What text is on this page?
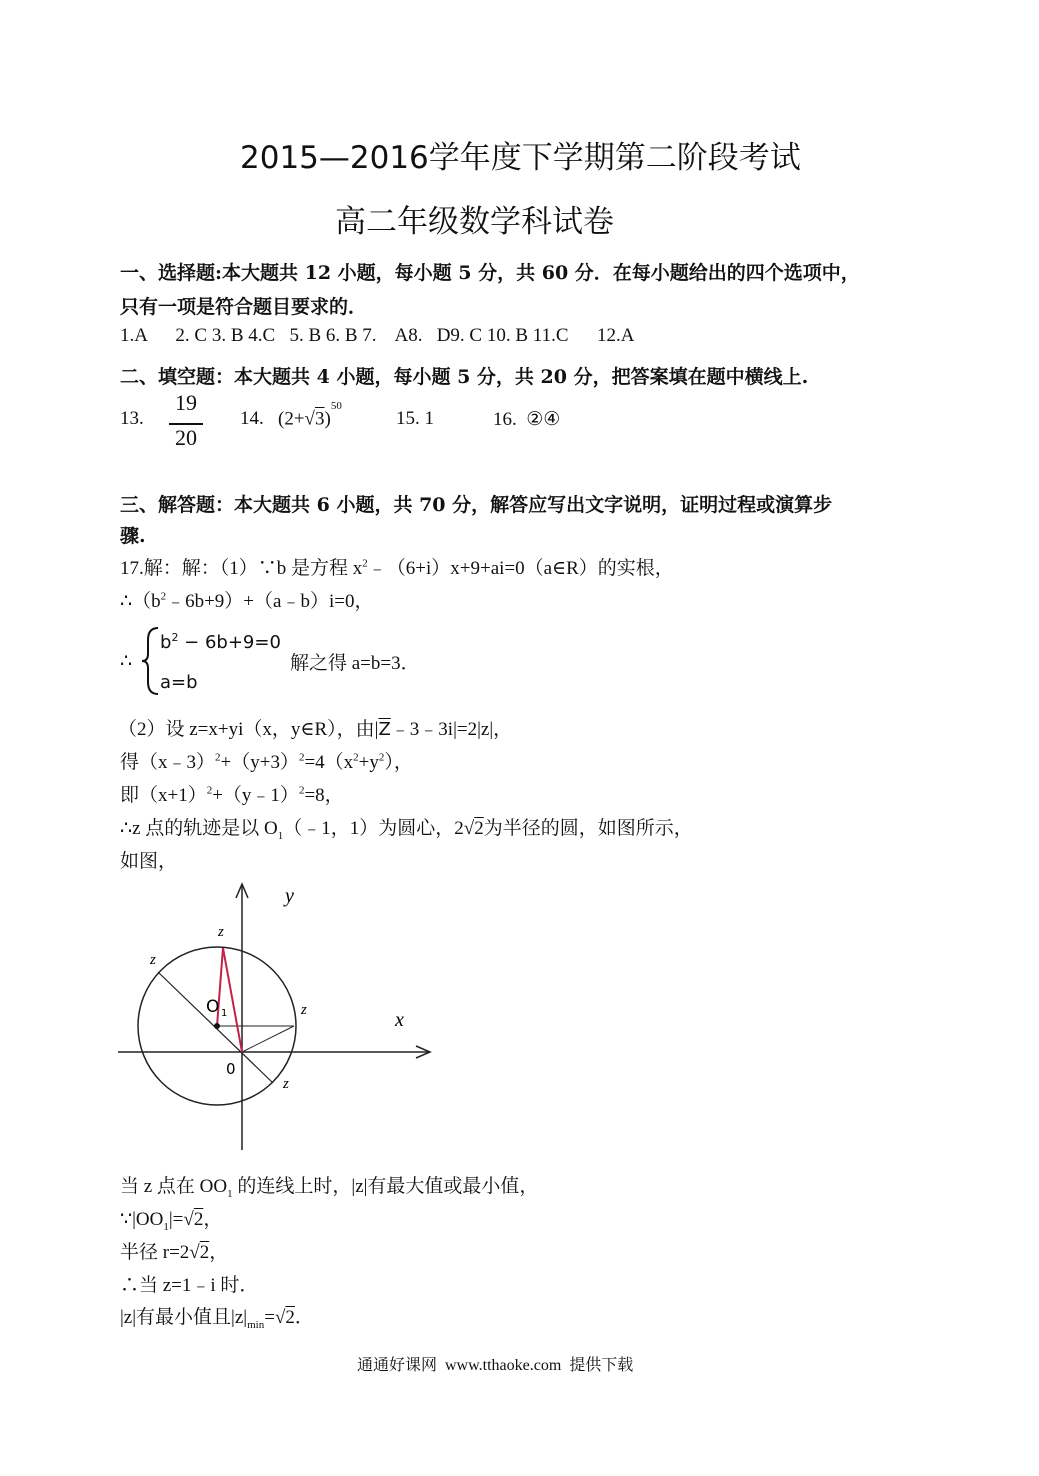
2015—2016学年度下学期第二阶段考试
高二年级数学科试卷
一、选择题:本大题共 12 小题，每小题 5 分，共 60 分．在每小题给出的四个选项中，
只有一项是符合题目要求的．
1.A      2. C 3. B 4.C   5. B 6. B 7.    A8.   D9. C 10. B 11.C      12.A
二、填空题：本大题共 4 小题，每小题 5 分，共 20 分，把答案填在题中横线上.
13.
19
20
14. $(2+√3)^{50}$
15. 1	16.  ②④
三、解答题：本大题共 6 小题，共 70 分，解答应写出文字说明，证明过程或演算步
骤.
17.解：解：（1）∵b 是方程 $x^2﹣(6+i)x+9+ai=0(a\in R)$的实根，
$\therefore(b^2﹣6b+9)+(a﹣b)i=0$，
∴
$b^2 - 6b+9=0$
a=b
解之得 a=b=3．
（2）设 z=x+yi（x，y∈R），由$|\overline{Z}﹣3﹣3i|=2|z|$，
得$(x﹣3)^2+(y+3)^2=4(x^2+y^2)$，
即$(x+1)^2+(y﹣1)^2=8$，
∴z 点的轨迹是以 $O_1(﹣1$，1）为圆心，2√2为半径的圆，如图所示，
如图，
y
x
0
O 1
z
z
z
z
当 z 点在 $OO_1$ 的连线上时，|z|有最大值或最小值，
$\because|OO_1|=√2$，
半径 r=2√2，
∴当 z=1﹣i 时．
|z|有最小值且$|z|_{min}=√2$．
通通好课网  www.tthaoke.com  提供下载
